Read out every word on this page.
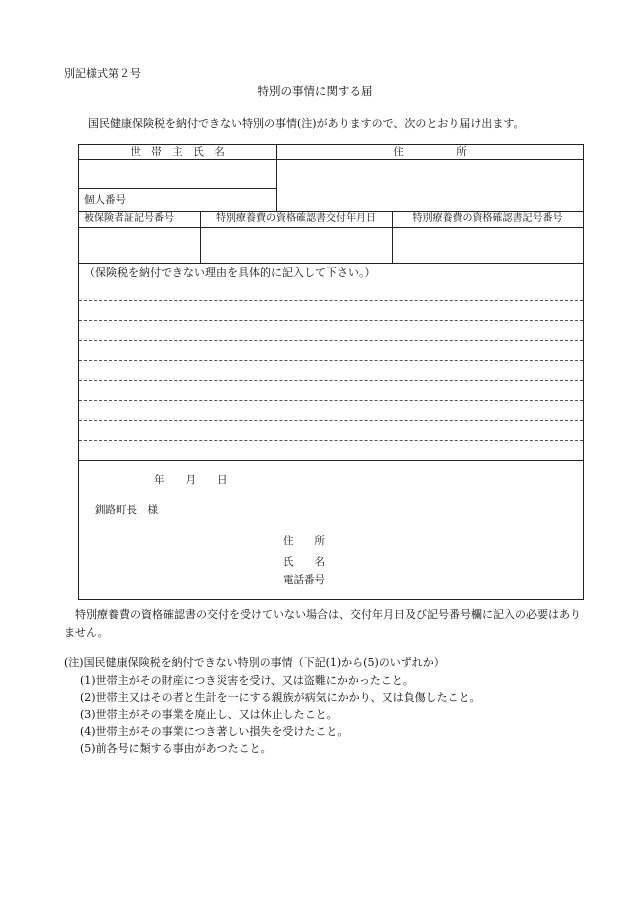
別記様式第２号
特別の事情に関する届
国民健康保険税を納付できない特別の事情(注)がありますので、次のとおり届け出ます。
世　帯　主　氏　名	住　　　　　所
個人番号
被保険者証記号番号	特別療養費の資格確認書交付年月日	特別療養費の資格確認書記号番号
（保険税を納付できない理由を具体的に記入して下さい。）
年　　月　　日
釧路町長　様
住　　所
氏　　名
電話番号
特別療養費の資格確認書の交付を受けていない場合は、交付年月日及び記号番号欄に記入の必要はありません。
(注)国民健康保険税を納付できない特別の事情（下記(1)から(5)のいずれか）
(1)世帯主がその財産につき災害を受け、又は盗難にかかったこと。
(2)世帯主又はその者と生計を一にする親族が病気にかかり、又は負傷したこと。
(3)世帯主がその事業を廃止し、又は休止したこと。
(4)世帯主がその事業につき著しい損失を受けたこと。
(5)前各号に類する事由があつたこと。
